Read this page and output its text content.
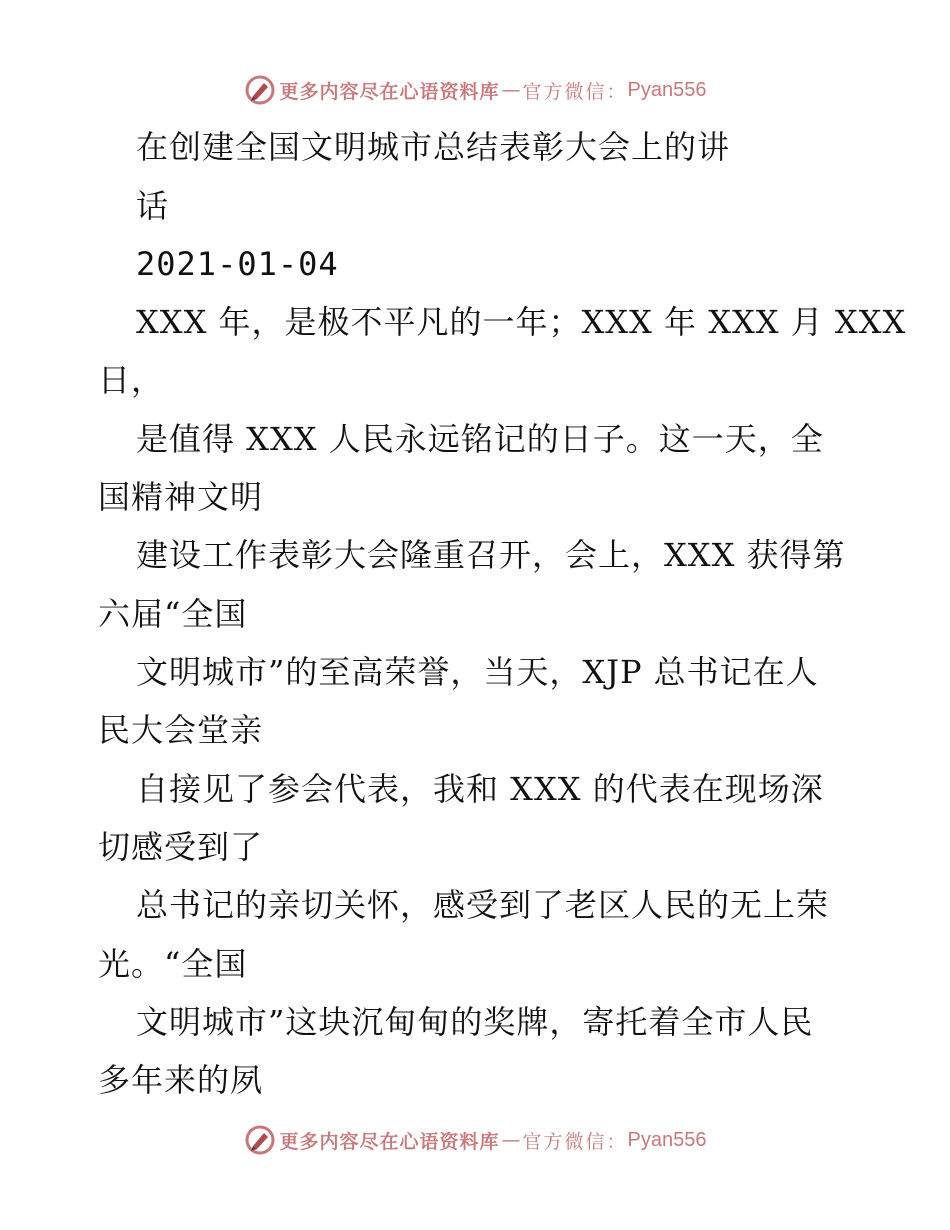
更多内容尽在心语资料库 — 官方微信： Pyan556
在创建全国文明城市总结表彰大会上的讲
话
2021-01-04
XXX 年，是极不平凡的一年；XXX 年 XXX 月 XXX
日，
是值得 XXX 人民永远铭记的日子。这一天，全
国精神文明
建设工作表彰大会隆重召开，会上，XXX 获得第
六届“全国
文明城市”的至高荣誉，当天，XJP 总书记在人
民大会堂亲
自接见了参会代表，我和 XXX 的代表在现场深
切感受到了
总书记的亲切关怀，感受到了老区人民的无上荣
光。“全国
文明城市”这块沉甸甸的奖牌，寄托着全市人民
多年来的夙
更多内容尽在心语资料库 — 官方微信： Pyan556
